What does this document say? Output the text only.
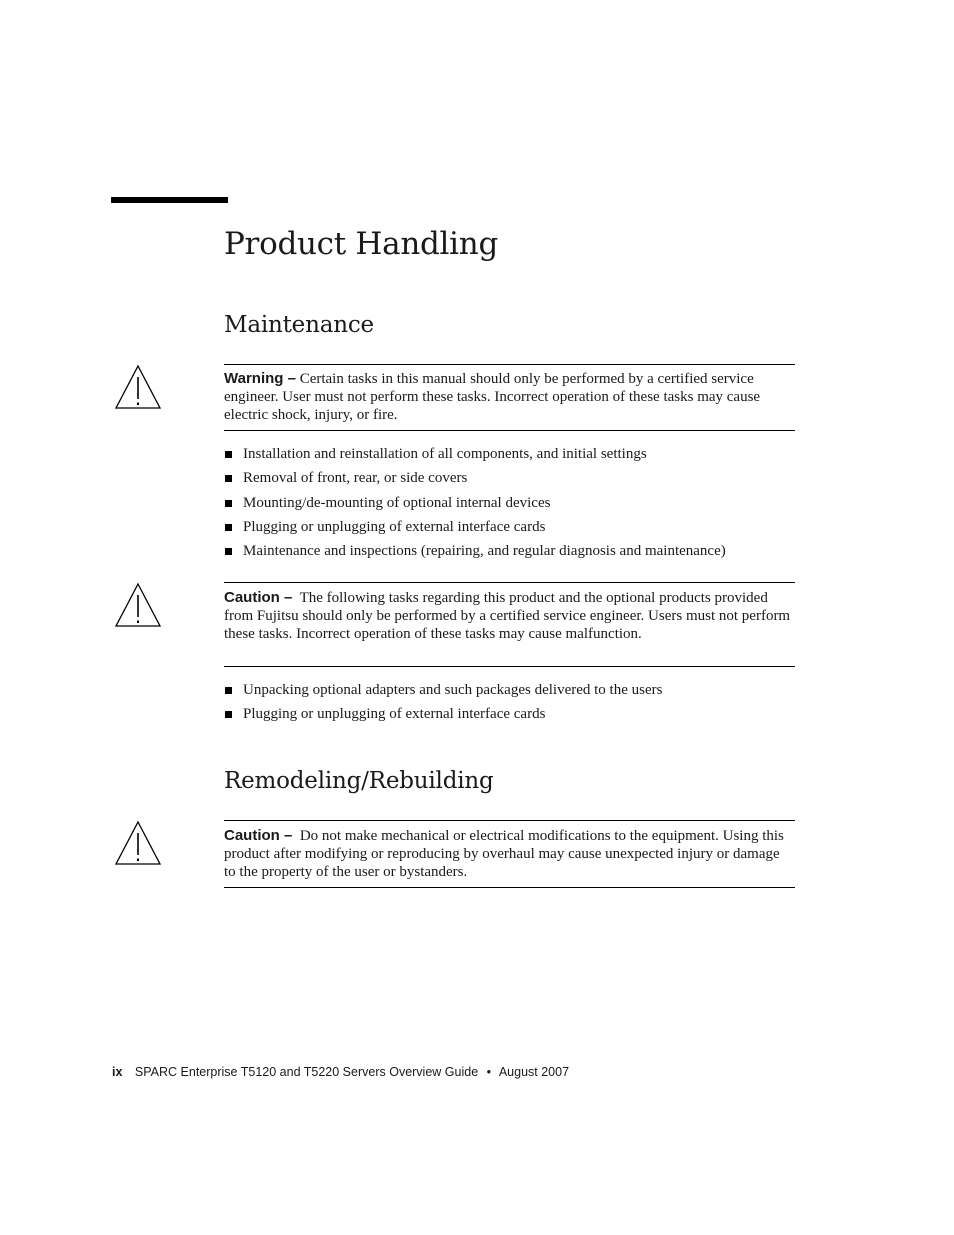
Product Handling
Maintenance

Warning – Certain tasks in this manual should only be performed by a certified service engineer. User must not perform these tasks. Incorrect operation of these tasks may cause electric shock, injury, or fire.

Installation and reinstallation of all components, and initial settings
Removal of front, rear, or side covers
Mounting/de-mounting of optional internal devices
Plugging or unplugging of external interface cards
Maintenance and inspections (repairing, and regular diagnosis and maintenance)

Caution – The following tasks regarding this product and the optional products provided from Fujitsu should only be performed by a certified service engineer. Users must not perform these tasks. Incorrect operation of these tasks may cause malfunction.

Unpacking optional adapters and such packages delivered to the users
Plugging or unplugging of external interface cards
Remodeling/Rebuilding

Caution – Do not make mechanical or electrical modifications to the equipment. Using this product after modifying or reproducing by overhaul may cause unexpected injury or damage to the property of the user or bystanders.

ix SPARC Enterprise T5120 and T5220 Servers Overview Guide • August 2007
